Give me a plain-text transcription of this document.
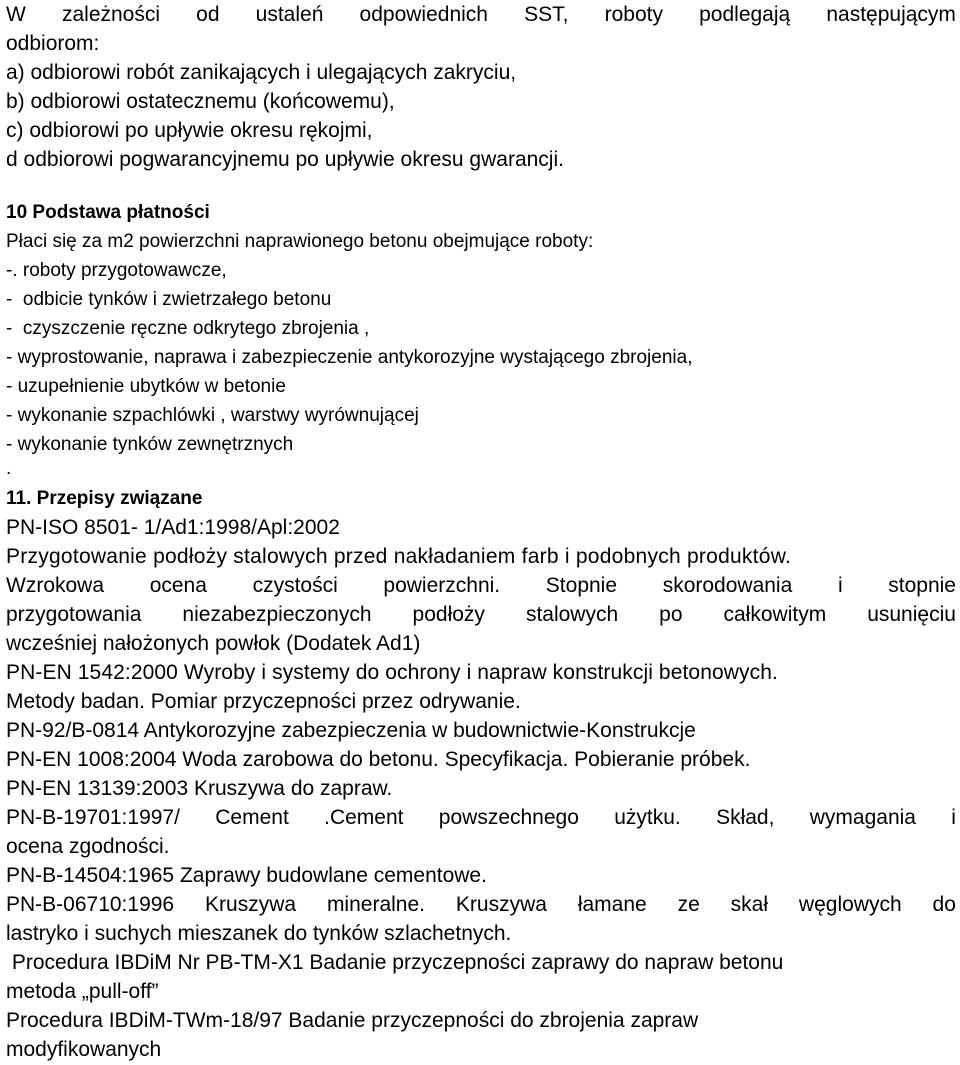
W zależności od ustaleń odpowiednich SST, roboty podlegają następującym
odbiorom:
a) odbiorowi robót zanikających i ulegających zakryciu,
b) odbiorowi ostatecznemu (końcowemu),
c) odbiorowi po upływie okresu rękojmi,
d odbiorowi pogwarancyjnemu po upływie okresu gwarancji.
10 Podstawa płatności
Płaci się za m2 powierzchni naprawionego betonu obejmujące roboty:
-. roboty przygotowawcze,
-  odbicie tynków i zwietrzałego betonu
-  czyszczenie ręczne odkrytego zbrojenia ,
- wyprostowanie, naprawa i zabezpieczenie antykorozyjne wystającego zbrojenia,
- uzupełnienie ubytków w betonie
- wykonanie szpachlówki , warstwy wyrównującej
- wykonanie tynków zewnętrznych
.
11. Przepisy związane
PN-ISO 8501- 1/Ad1:1998/Apl:2002
Przygotowanie podłoży stalowych przed nakładaniem farb i podobnych produktów.
Wzrokowa ocena czystości powierzchni. Stopnie skorodowania i stopnie
przygotowania niezabezpieczonych podłoży stalowych po całkowitym usunięciu
wcześniej nałożonych powłok (Dodatek Ad1)
PN-EN 1542:2000 Wyroby i systemy do ochrony i napraw konstrukcji betonowych.
Metody badan. Pomiar przyczepności przez odrywanie.
PN-92/B-0814 Antykorozyjne zabezpieczenia w budownictwie-Konstrukcje
PN-EN 1008:2004 Woda zarobowa do betonu. Specyfikacja. Pobieranie próbek.
PN-EN 13139:2003 Kruszywa do zapraw.
PN-B-19701:1997/ Cement .Cement powszechnego użytku. Skład, wymagania i
ocena zgodności.
PN-B-14504:1965 Zaprawy budowlane cementowe.
PN-B-06710:1996 Kruszywa mineralne. Kruszywa łamane ze skał węglowych do
lastryko i suchych mieszanek do tynków szlachetnych.
Procedura IBDiM Nr PB-TM-X1 Badanie przyczepności zaprawy do napraw betonu
metoda „pull-off”
Procedura IBDiM-TWm-18/97 Badanie przyczepności do zbrojenia zapraw
modyfikowanych
